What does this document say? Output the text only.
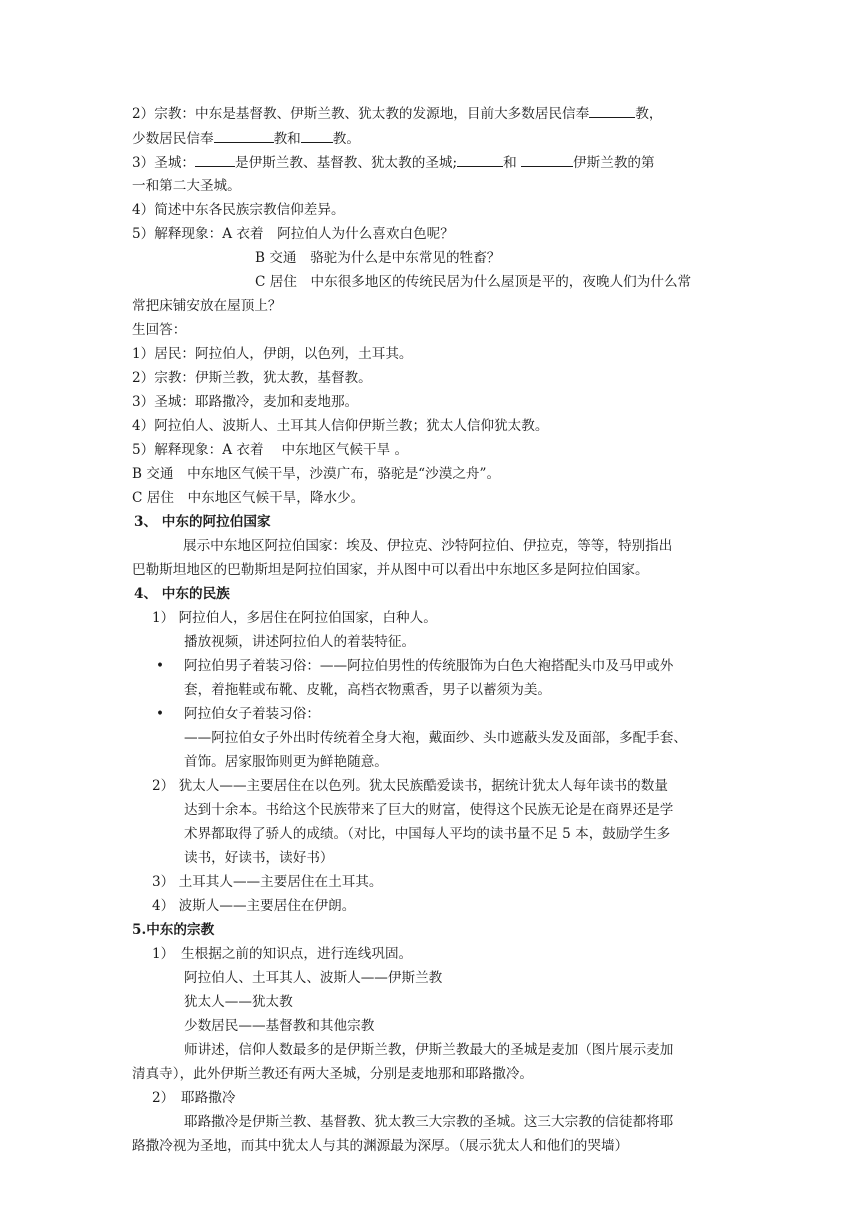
2）宗教：中东是基督教、伊斯兰教、犹太教的发源地，目前大多数居民信奉	教，
少数居民信奉	教和 教。
3）圣城：	是伊斯兰教、基督教、犹太教的圣城;	和	伊斯兰教的第
一和第二大圣城。
4）简述中东各民族宗教信仰差异。
5）解释现象：A 衣着　阿拉伯人为什么喜欢白色呢？
B 交通　骆驼为什么是中东常见的牲畜？
C 居住　中东很多地区的传统民居为什么屋顶是平的，夜晚人们为什么常
常把床铺安放在屋顶上？
生回答：
1）居民：阿拉伯人，伊朗，以色列，土耳其。
2）宗教：伊斯兰教，犹太教，基督教。
3）圣城：耶路撒冷，麦加和麦地那。
4）阿拉伯人、波斯人、土耳其人信仰伊斯兰教；犹太人信仰犹太教。
5）解释现象：A 衣着　 中东地区气候干旱 。
B 交通　中东地区气候干旱，沙漠广布，骆驼是“沙漠之舟”。
C 居住　中东地区气候干旱，降水少。
3、 中东的阿拉伯国家
展示中东地区阿拉伯国家：埃及、伊拉克、沙特阿拉伯、伊拉克，等等，特别指出
巴勒斯坦地区的巴勒斯坦是阿拉伯国家，并从图中可以看出中东地区多是阿拉伯国家。
4、 中东的民族
1） 阿拉伯人，多居住在阿拉伯国家，白种人。
播放视频，讲述阿拉伯人的着装特征。
• 阿拉伯男子着装习俗：——阿拉伯男性的传统服饰为白色大袍搭配头巾及马甲或外
套，着拖鞋或布靴、皮靴，高档衣物熏香，男子以蓄须为美。
• 阿拉伯女子着装习俗：
——阿拉伯女子外出时传统着全身大袍，戴面纱、头巾遮蔽头发及面部，多配手套、
首饰。居家服饰则更为鲜艳随意。
2） 犹太人——主要居住在以色列。犹太民族酷爱读书，据统计犹太人每年读书的数量
达到十余本。书给这个民族带来了巨大的财富，使得这个民族无论是在商界还是学
术界都取得了骄人的成绩。（对比，中国每人平均的读书量不足 5 本，鼓励学生多
读书，好读书，读好书）
3） 土耳其人——主要居住在土耳其。
4） 波斯人——主要居住在伊朗。
5.中东的宗教
1）　生根据之前的知识点，进行连线巩固。
阿拉伯人、土耳其人、波斯人——伊斯兰教
犹太人——犹太教
少数居民——基督教和其他宗教
师讲述，信仰人数最多的是伊斯兰教，伊斯兰教最大的圣城是麦加（图片展示麦加
清真寺），此外伊斯兰教还有两大圣城，分别是麦地那和耶路撒冷。
2）　耶路撒冷
耶路撒冷是伊斯兰教、基督教、犹太教三大宗教的圣城。这三大宗教的信徒都将耶
路撒冷视为圣地，而其中犹太人与其的渊源最为深厚。（展示犹太人和他们的哭墙）
